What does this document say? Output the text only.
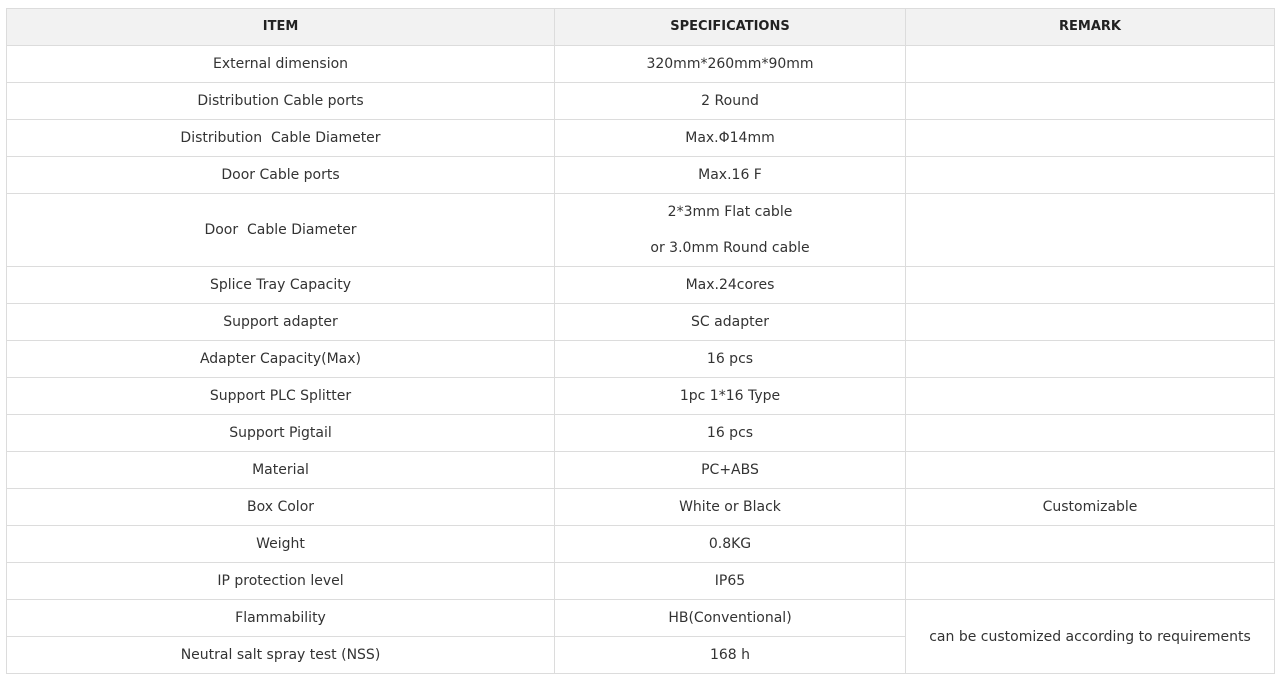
ITEM	SPECIFICATIONS	REMARK
External dimension	320mm*260mm*90mm	
Distribution Cable ports	2 Round	
Distribution  Cable Diameter	Max.Φ14mm	
Door Cable ports	Max.16 F	
Door  Cable Diameter	2*3mm Flat cable
or 3.0mm Round cable	

Splice Tray Capacity	Max.24cores	
Support adapter	SC adapter	
Adapter Capacity(Max)	16 pcs	
Support PLC Splitter	1pc 1*16 Type	
Support Pigtail	16 pcs	
Material	PC+ABS	
Box Color	White or Black	Customizable
Weight	0.8KG	
IP protection level	IP65	
Flammability	HB(Conventional)	can be customized according to requirements
Neutral salt spray test (NSS)	168 h	
